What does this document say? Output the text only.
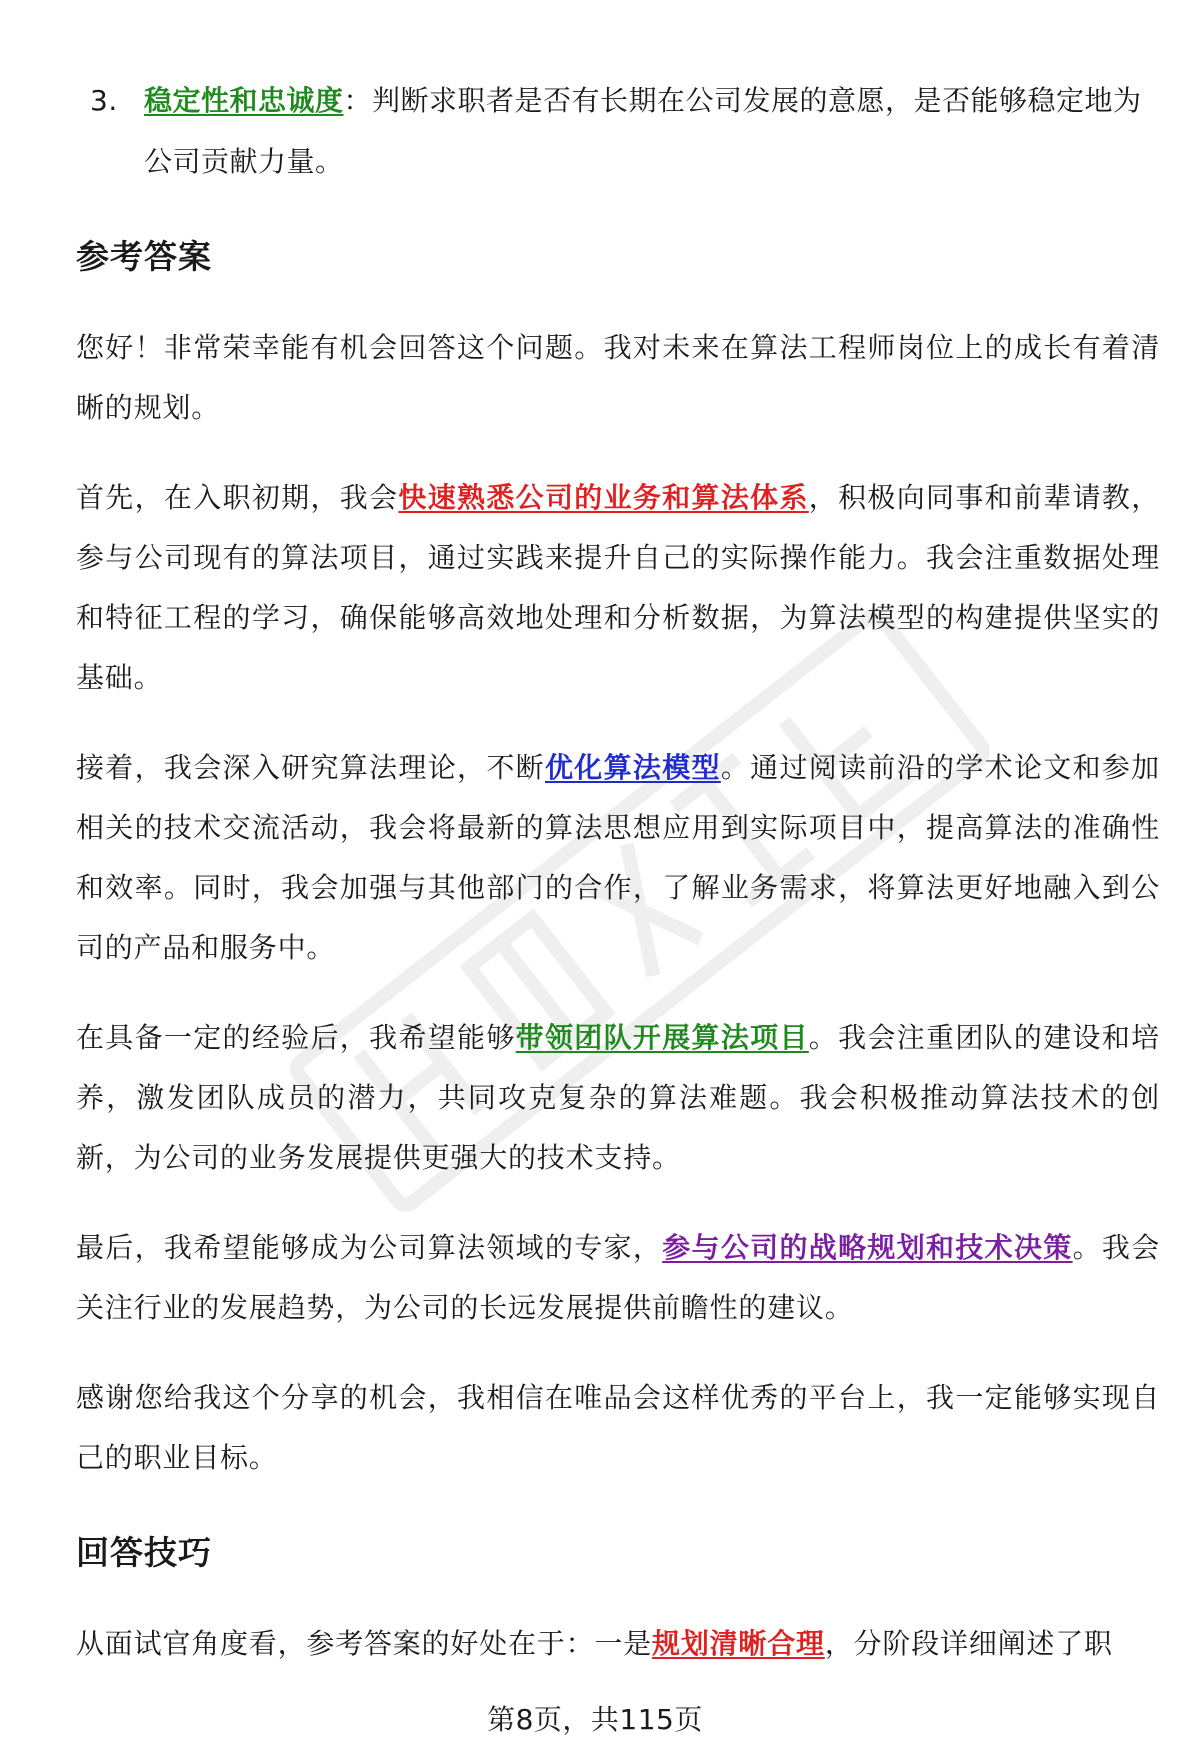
3. 稳定性和忠诚度：判断求职者是否有长期在公司发展的意愿，是否能够稳定地为公司贡献力量。
参考答案

您好！非常荣幸能有机会回答这个问题。我对未来在算法工程师岗位上的成长有着清晰的规划。

首先，在入职初期，我会快速熟悉公司的业务和算法体系，积极向同事和前辈请教，参与公司现有的算法项目，通过实践来提升自己的实际操作能力。我会注重数据处理和特征工程的学习，确保能够高效地处理和分析数据，为算法模型的构建提供坚实的基础。

接着，我会深入研究算法理论，不断优化算法模型。通过阅读前沿的学术论文和参加相关的技术交流活动，我会将最新的算法思想应用到实际项目中，提高算法的准确性和效率。同时，我会加强与其他部门的合作，了解业务需求，将算法更好地融入到公司的产品和服务中。

在具备一定的经验后，我希望能够带领团队开展算法项目。我会注重团队的建设和培养，激发团队成员的潜力，共同攻克复杂的算法难题。我会积极推动算法技术的创新，为公司的业务发展提供更强大的技术支持。

最后，我希望能够成为公司算法领域的专家，参与公司的战略规划和技术决策。我会关注行业的发展趋势，为公司的长远发展提供前瞻性的建议。

感谢您给我这个分享的机会，我相信在唯品会这样优秀的平台上，我一定能够实现自己的职业目标。

回答技巧

从面试官角度看，参考答案的好处在于：一是规划清晰合理，分阶段详细阐述了职

第8页，共115页
